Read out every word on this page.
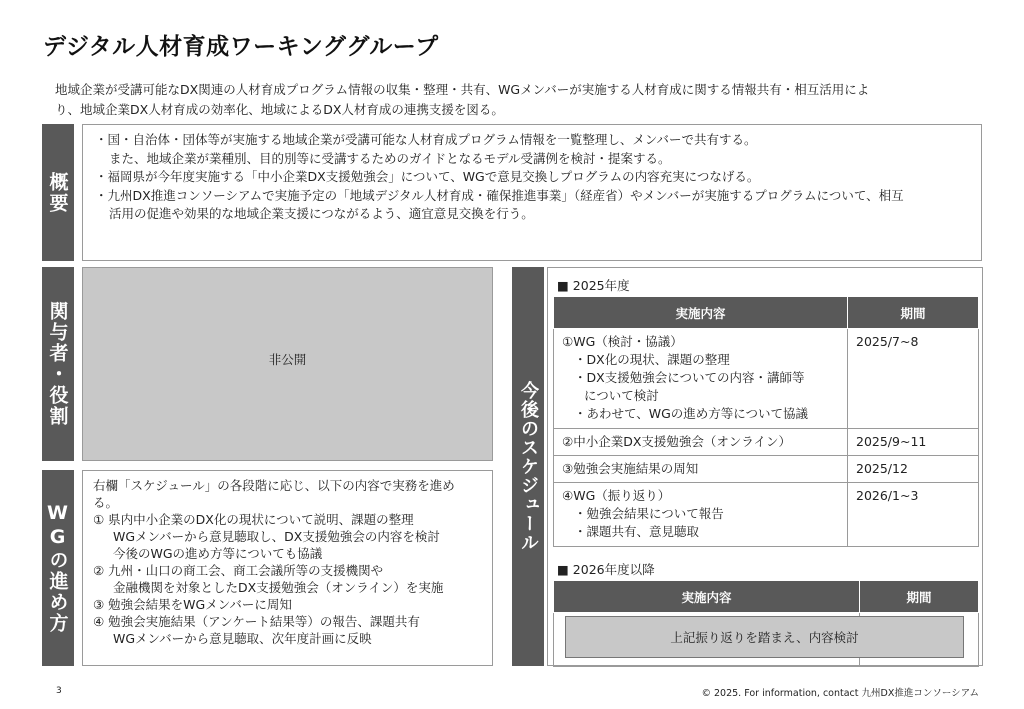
デジタル人材育成ワーキンググループ
地域企業が受講可能なDX関連の人材育成プログラム情報の収集・整理・共有、WGメンバーが実施する人材育成に関する情報共有・相互活用によ
り、地域企業DX人材育成の効率化、地域によるDX人材育成の連携支援を図る。
概要

・国・自治体・団体等が実施する地域企業が受講可能な人材育成プログラム情報を一覧整理し、メンバーで共有する。

また、地域企業が業種別、目的別等に受講するためのガイドとなるモデル受講例を検討・提案する。

・福岡県が今年度実施する「中小企業DX支援勉強会」について、WGで意見交換しプログラムの内容充実につなげる。

・九州DX推進コンソーシアムで実施予定の「地域デジタル人材育成・確保推進事業」（経産省）やメンバーが実施するプログラムについて、相互

活用の促進や効果的な地域企業支援につながるよう、適宜意見交換を行う。

関与者・役割	非公開
WGの進め方

右欄「スケジュール」の各段階に応じ、以下の内容で実務を進め

る。

① 県内中小企業のDX化の現状について説明、課題の整理

WGメンバーから意見聴取し、DX支援勉強会の内容を検討

今後のWGの進め方等についても協議

② 九州・山口の商工会、商工会議所等の支援機関や

金融機関を対象としたDX支援勉強会（オンライン）を実施

③ 勉強会結果をWGメンバーに周知

④ 勉強会実施結果（アンケート結果等）の報告、課題共有

WGメンバーから意見聴取、次年度計画に反映

今後のスケジュール
■ 2025年度
実施内容	期間

①WG（検討・協議）
・DX化の現状、課題の整理
・DX支援勉強会についての内容・講師等
について検討
・あわせて、WGの進め方等について協議	2025/7~8
②中小企業DX支援勉強会（オンライン）	2025/9~11
③勉強会実施結果の周知	2025/12

④WG（振り返り）
・勉強会結果について報告
・課題共有、意見聴取	2026/1~3
■ 2026年度以降
実施内容	期間

上記振り返りを踏まえ、内容検討
3	© 2025. For information, contact 九州DX推進コンソーシアム
